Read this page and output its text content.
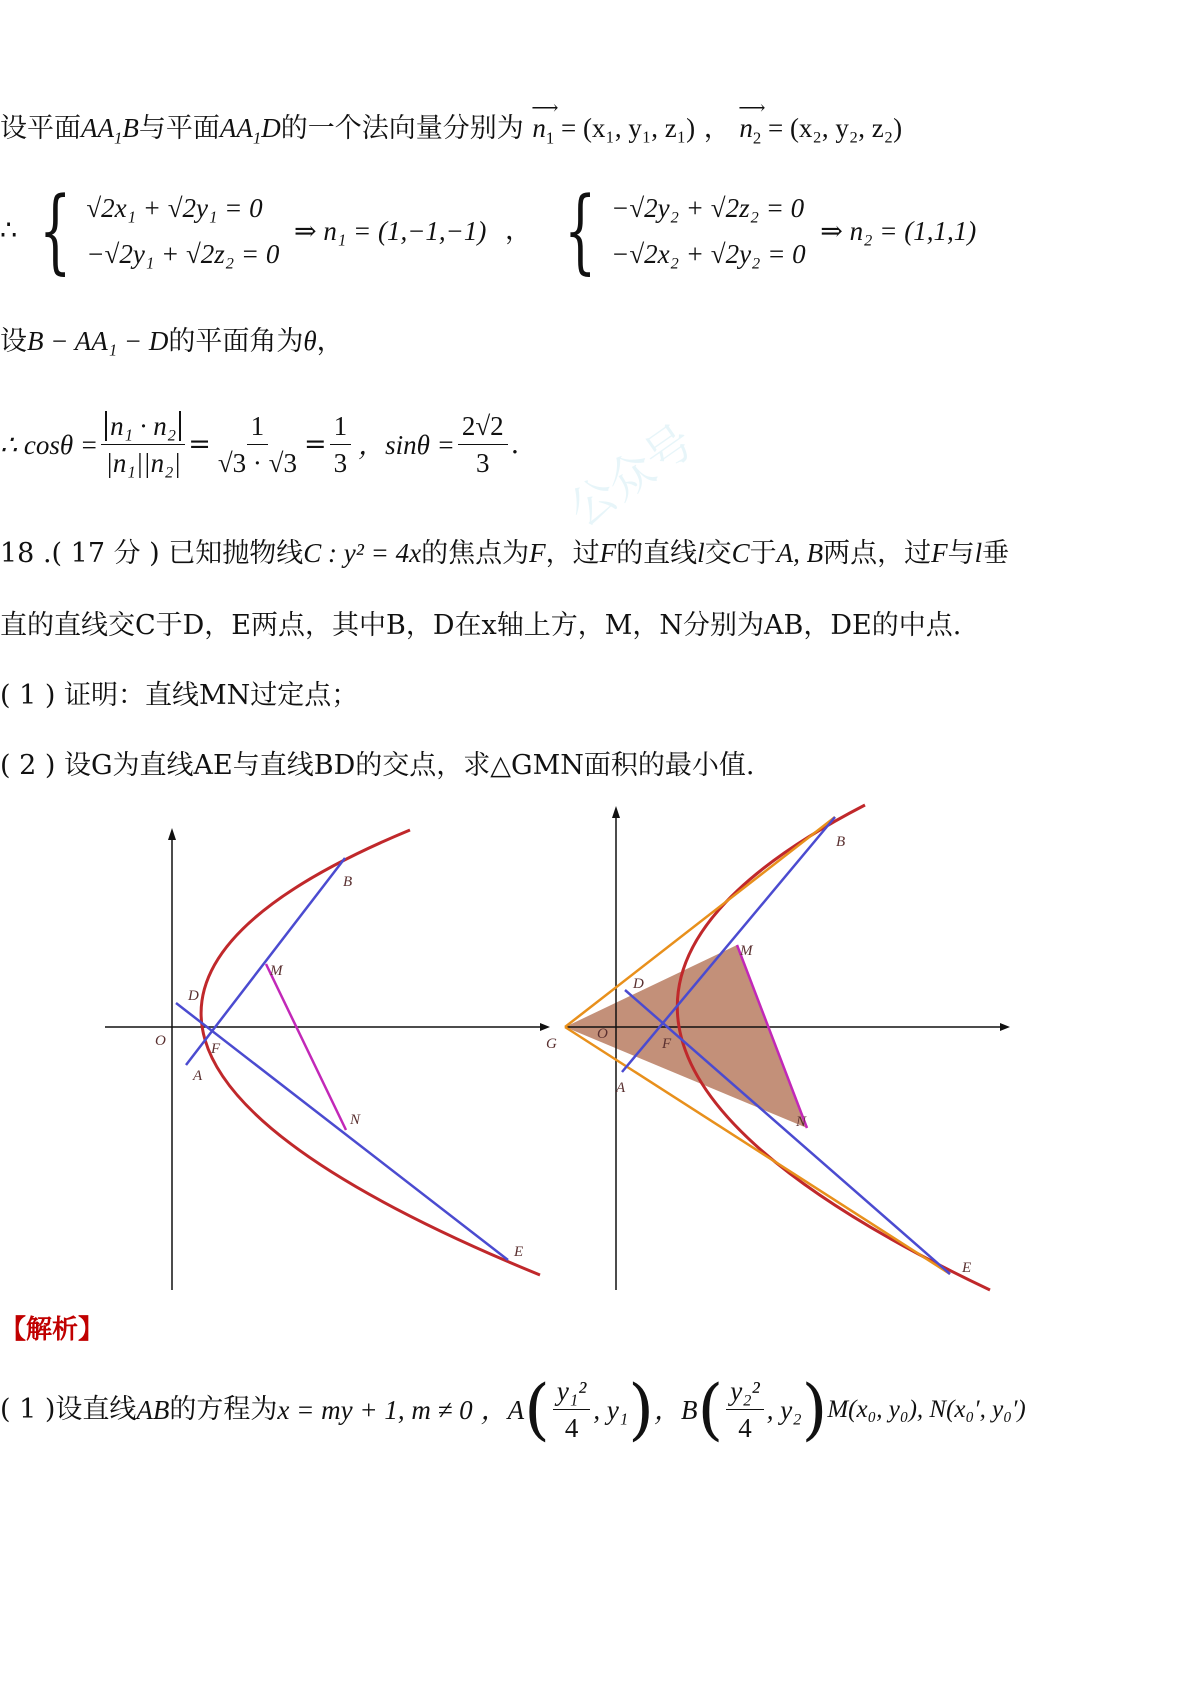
设平面$AA_1B$与平面$AA_1D$的一个法向量分别为 ⟶ $n_1 = (x_1$, y₁, z₁) ， ⟶ $n_2 = (x_2$, y₂, z₂)
∴ { √2x₁ + √2y₁ = 0
−√2y₁ + √2z₂ = 0
⇒ n₁ = (1,−1,−1) ， { −√2y₂ + √2z₂ = 0
−√2x₂ + √2y₂ = 0
⇒ n₂ = (1,1,1)
设B − AA₁ − D的平面角为θ，
∴ $\cos\theta = \frac{\text{n₁ · n₂}}{\text{|n₁||n₂|}} = \frac{1}{√3 \cdot √3} = \frac{1}{3}$ ，$\sin\theta = \frac{2√2}{3}$ .
18 .( 17 分 ) 已知抛物线C : y² = 4x的焦点为F，过F的直线l交C于A, B两点，过F与l垂
直的直线交C于D，E两点，其中B，D在x轴上方，M，N分别为AB，DE的中点.
( 1 ) 证明：直线MN过定点；
( 2 ) 设G为直线AE与直线BD的交点，求△GMN面积的最小值.
O	F
A
B
D
M
N
E
G
O
F
A
B
D
M
N
E
【解析】
( 1 )设直线 AB 的方程为 x = my + 1, m ≠ 0 ，A ( $\frac{\text{y₁²}}{4}$ , y₁ ) ，B ( $\frac{\text{y₂²}}{4}$ , y₂ ) M(x₀, y₀), N(x₀′, y₀′)
公众号
